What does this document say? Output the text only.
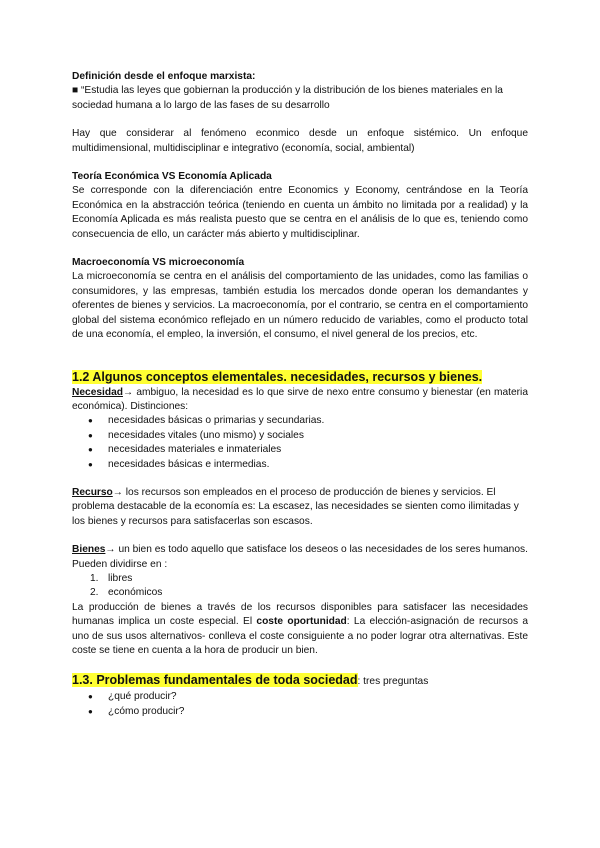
Definición desde el enfoque marxista:
■ “Estudia las leyes que gobiernan la producción y la distribución de los bienes materiales en la sociedad humana a lo largo de las fases de su desarrollo

Hay que considerar al fenómeno econmico desde un enfoque sistémico. Un enfoque multidimensional, multidisciplinar e integrativo (economía, social, ambiental)

Teoría Económica VS Economía Aplicada
Se corresponde con la diferenciación entre Economics y Economy, centrándose en la Teoría Económica en la abstracción teórica (teniendo en cuenta un ámbito no limitada por a realidad) y la Economía Aplicada es más realista puesto que se centra en el análisis de lo que es, teniendo como consecuencia de ello, un carácter más abierto y multidisciplinar.

Macroeconomía VS microeconomía
La microeconomía se centra en el análisis del comportamiento de las unidades, como las familias o consumidores, y las empresas, también estudia los mercados donde operan los demandantes y oferentes de bienes y servicios. La macroeconomía, por el contrario, se centra en el comportamiento global del sistema económico reflejado en un número reducido de variables, como el producto total de una economía, el empleo, la inversión, el consumo, el nivel general de los precios, etc.

1.2 Algunos conceptos elementales. necesidades, recursos y bienes.

Necesidad→ ambiguo, la necesidad es lo que sirve de nexo entre consumo y bienestar (en materia económica). Distinciones:

● necesidades básicas o primarias y secundarias.
● necesidades vitales (uno mismo) y sociales
● necesidades materiales e inmateriales
● necesidades básicas e intermedias.

Recurso→ los recursos son empleados en el proceso de producción de bienes y servicios. El problema destacable de la economía es: La escasez, las necesidades se sienten como ilimitadas y los bienes y recursos para satisfacerlas son escasos.

Bienes→ un bien es todo aquello que satisface los deseos o las necesidades de los seres humanos. Pueden dividirse en :

1. libres
2. económicos

La producción de bienes a través de los recursos disponibles para satisfacer las necesidades humanas implica un coste especial. El coste oportunidad: La elección-asignación de recursos a uno de sus usos alternativos- conlleva el coste consiguiente a no poder lograr otra alternativas. Este coste se tiene en cuenta a la hora de producir un bien.

1.3. Problemas fundamentales de toda sociedad: tres preguntas
● ¿qué producir?
● ¿cómo producir?
